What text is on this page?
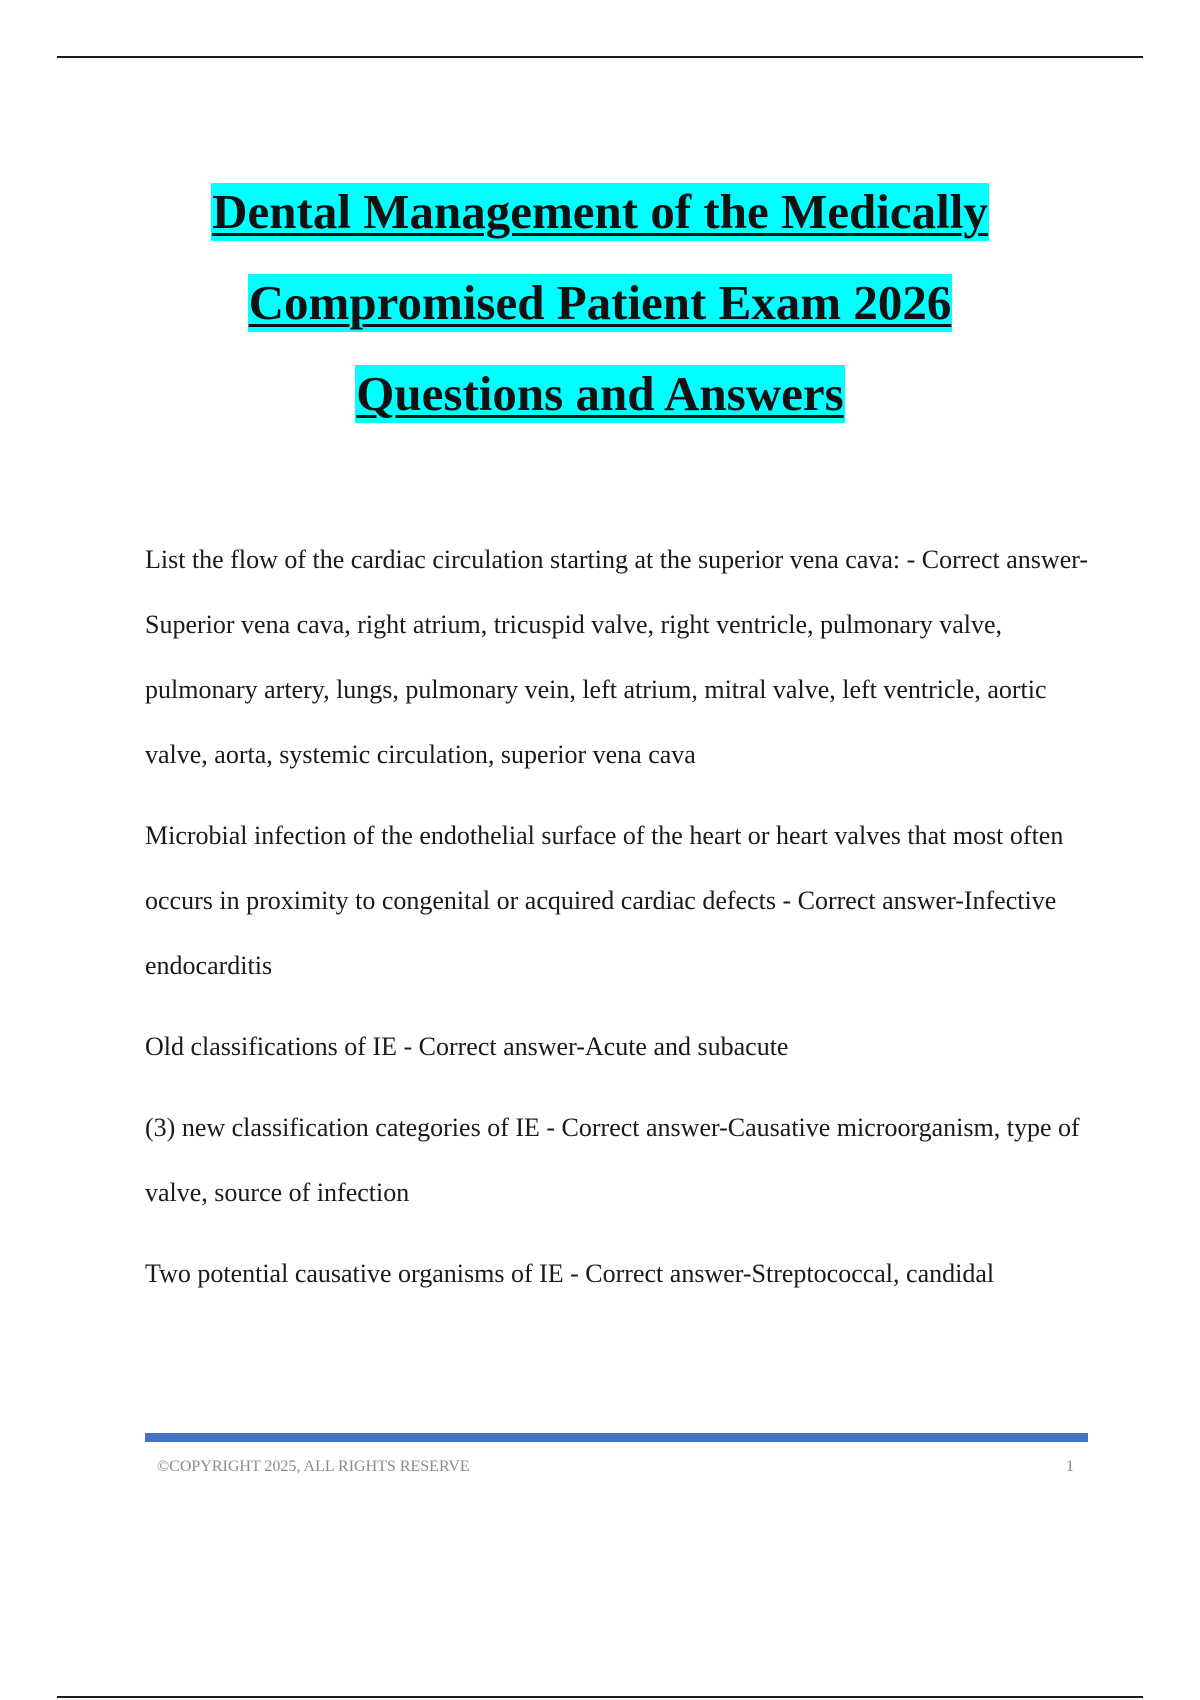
Dental Management of the Medically
Compromised Patient Exam 2026
Questions and Answers

List the flow of the cardiac circulation starting at the superior vena cava: - Correct answer-Superior vena cava, right atrium, tricuspid valve, right ventricle, pulmonary valve, pulmonary artery, lungs, pulmonary vein, left atrium, mitral valve, left ventricle, aortic valve, aorta, systemic circulation, superior vena cava

Microbial infection of the endothelial surface of the heart or heart valves that most often occurs in proximity to congenital or acquired cardiac defects - Correct answer-Infective endocarditis

Old classifications of IE - Correct answer-Acute and subacute

(3) new classification categories of IE - Correct answer-Causative microorganism, type of valve, source of infection

Two potential causative organisms of IE - Correct answer-Streptococcal, candidal

©COPYRIGHT 2025, ALL RIGHTS RESERVE	1
